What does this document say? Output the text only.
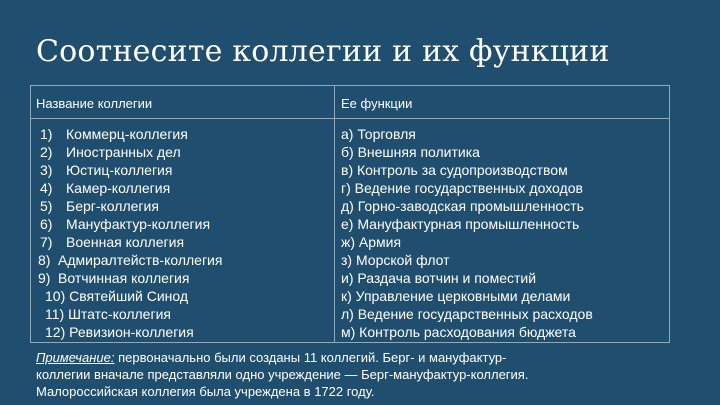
Соотнесите коллегии и их функции
Название коллегии	Ее функции
1) Коммерц-коллегия
2) Иностранных дел
3) Юстиц-коллегия
4) Камер-коллегия
5) Берг-коллегия
6) Мануфактур-коллегия
7) Военная коллегия
8) Адмиралтейств-коллегия
9) Вотчинная коллегия
10) Святейший Синод
11) Штатс-коллегия
12) Ревизион-коллегия
а) Торговля
б) Внешняя политика
в) Контроль за судопроизводством
г) Ведение государственных доходов
д) Горно-заводская промышленность
е) Мануфактурная промышленность
ж) Армия
з) Морской флот
и) Раздача вотчин и поместий
к) Управление церковными делами
л) Ведение государственных расходов
м) Контроль расходования бюджета
Примечание: первоначально были созданы 11 коллегий. Берг- и мануфактур-
коллегии вначале представляли одно учреждение — Берг-мануфактур-коллегия.
Малороссийская коллегия была учреждена в 1722 году.
